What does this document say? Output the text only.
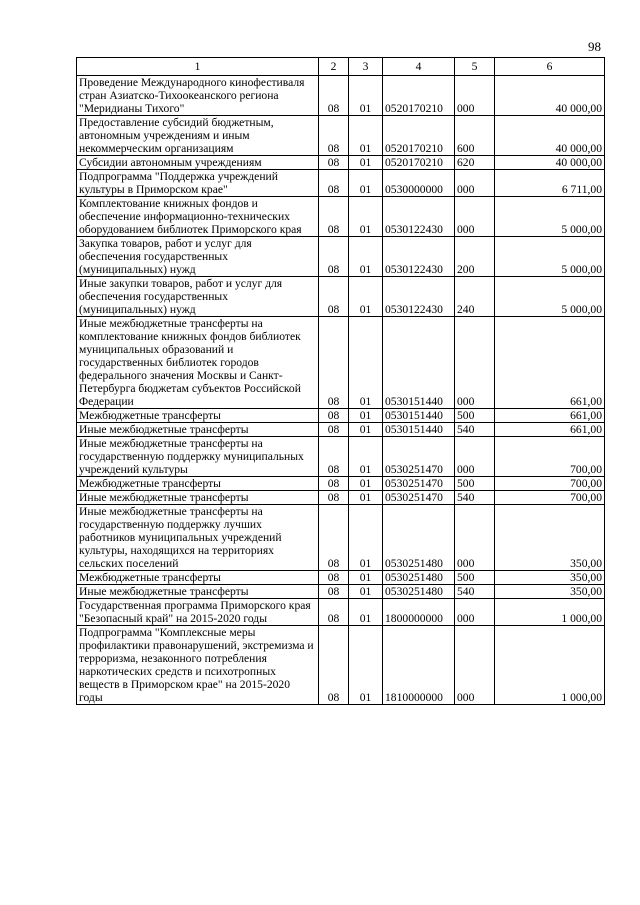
98
1	2	3	4	5	6
Проведение Международного кинофестиваля стран Азиатско-Тихоокеанского региона "Меридианы Тихого"	08	01	0520170210	000	40 000,00
Предоставление субсидий бюджетным, автономным учреждениям и иным некоммерческим организациям	08	01	0520170210	600	40 000,00
Субсидии автономным учреждениям	08	01	0520170210	620	40 000,00
Подпрограмма "Поддержка учреждений культуры в Приморском крае"	08	01	0530000000	000	6 711,00
Комплектование книжных фондов и обеспечение информационно-технических оборудованием библиотек Приморского края	08	01	0530122430	000	5 000,00
Закупка товаров, работ и услуг для обеспечения государственных (муниципальных) нужд	08	01	0530122430	200	5 000,00
Иные закупки товаров, работ и услуг для обеспечения государственных (муниципальных) нужд	08	01	0530122430	240	5 000,00
Иные межбюджетные трансферты на комплектование книжных фондов библиотек муниципальных образований и государственных библиотек городов федерального значения Москвы и Санкт-Петербурга бюджетам субъектов Российской Федерации	08	01	0530151440	000	661,00
Межбюджетные трансферты	08	01	0530151440	500	661,00
Иные межбюджетные трансферты	08	01	0530151440	540	661,00
Иные межбюджетные трансферты на государственную поддержку муниципальных учреждений культуры	08	01	0530251470	000	700,00
Межбюджетные трансферты	08	01	0530251470	500	700,00
Иные межбюджетные трансферты	08	01	0530251470	540	700,00
Иные межбюджетные трансферты на государственную поддержку лучших работников муниципальных учреждений культуры, находящихся на территориях сельских поселений	08	01	0530251480	000	350,00
Межбюджетные трансферты	08	01	0530251480	500	350,00
Иные межбюджетные трансферты	08	01	0530251480	540	350,00
Государственная программа Приморского края "Безопасный край" на 2015-2020 годы	08	01	1800000000	000	1 000,00
Подпрограмма "Комплексные меры профилактики правонарушений, экстремизма и терроризма, незаконного потребления наркотических средств и психотропных веществ в Приморском крае" на 2015-2020 годы	08	01	1810000000	000	1 000,00
